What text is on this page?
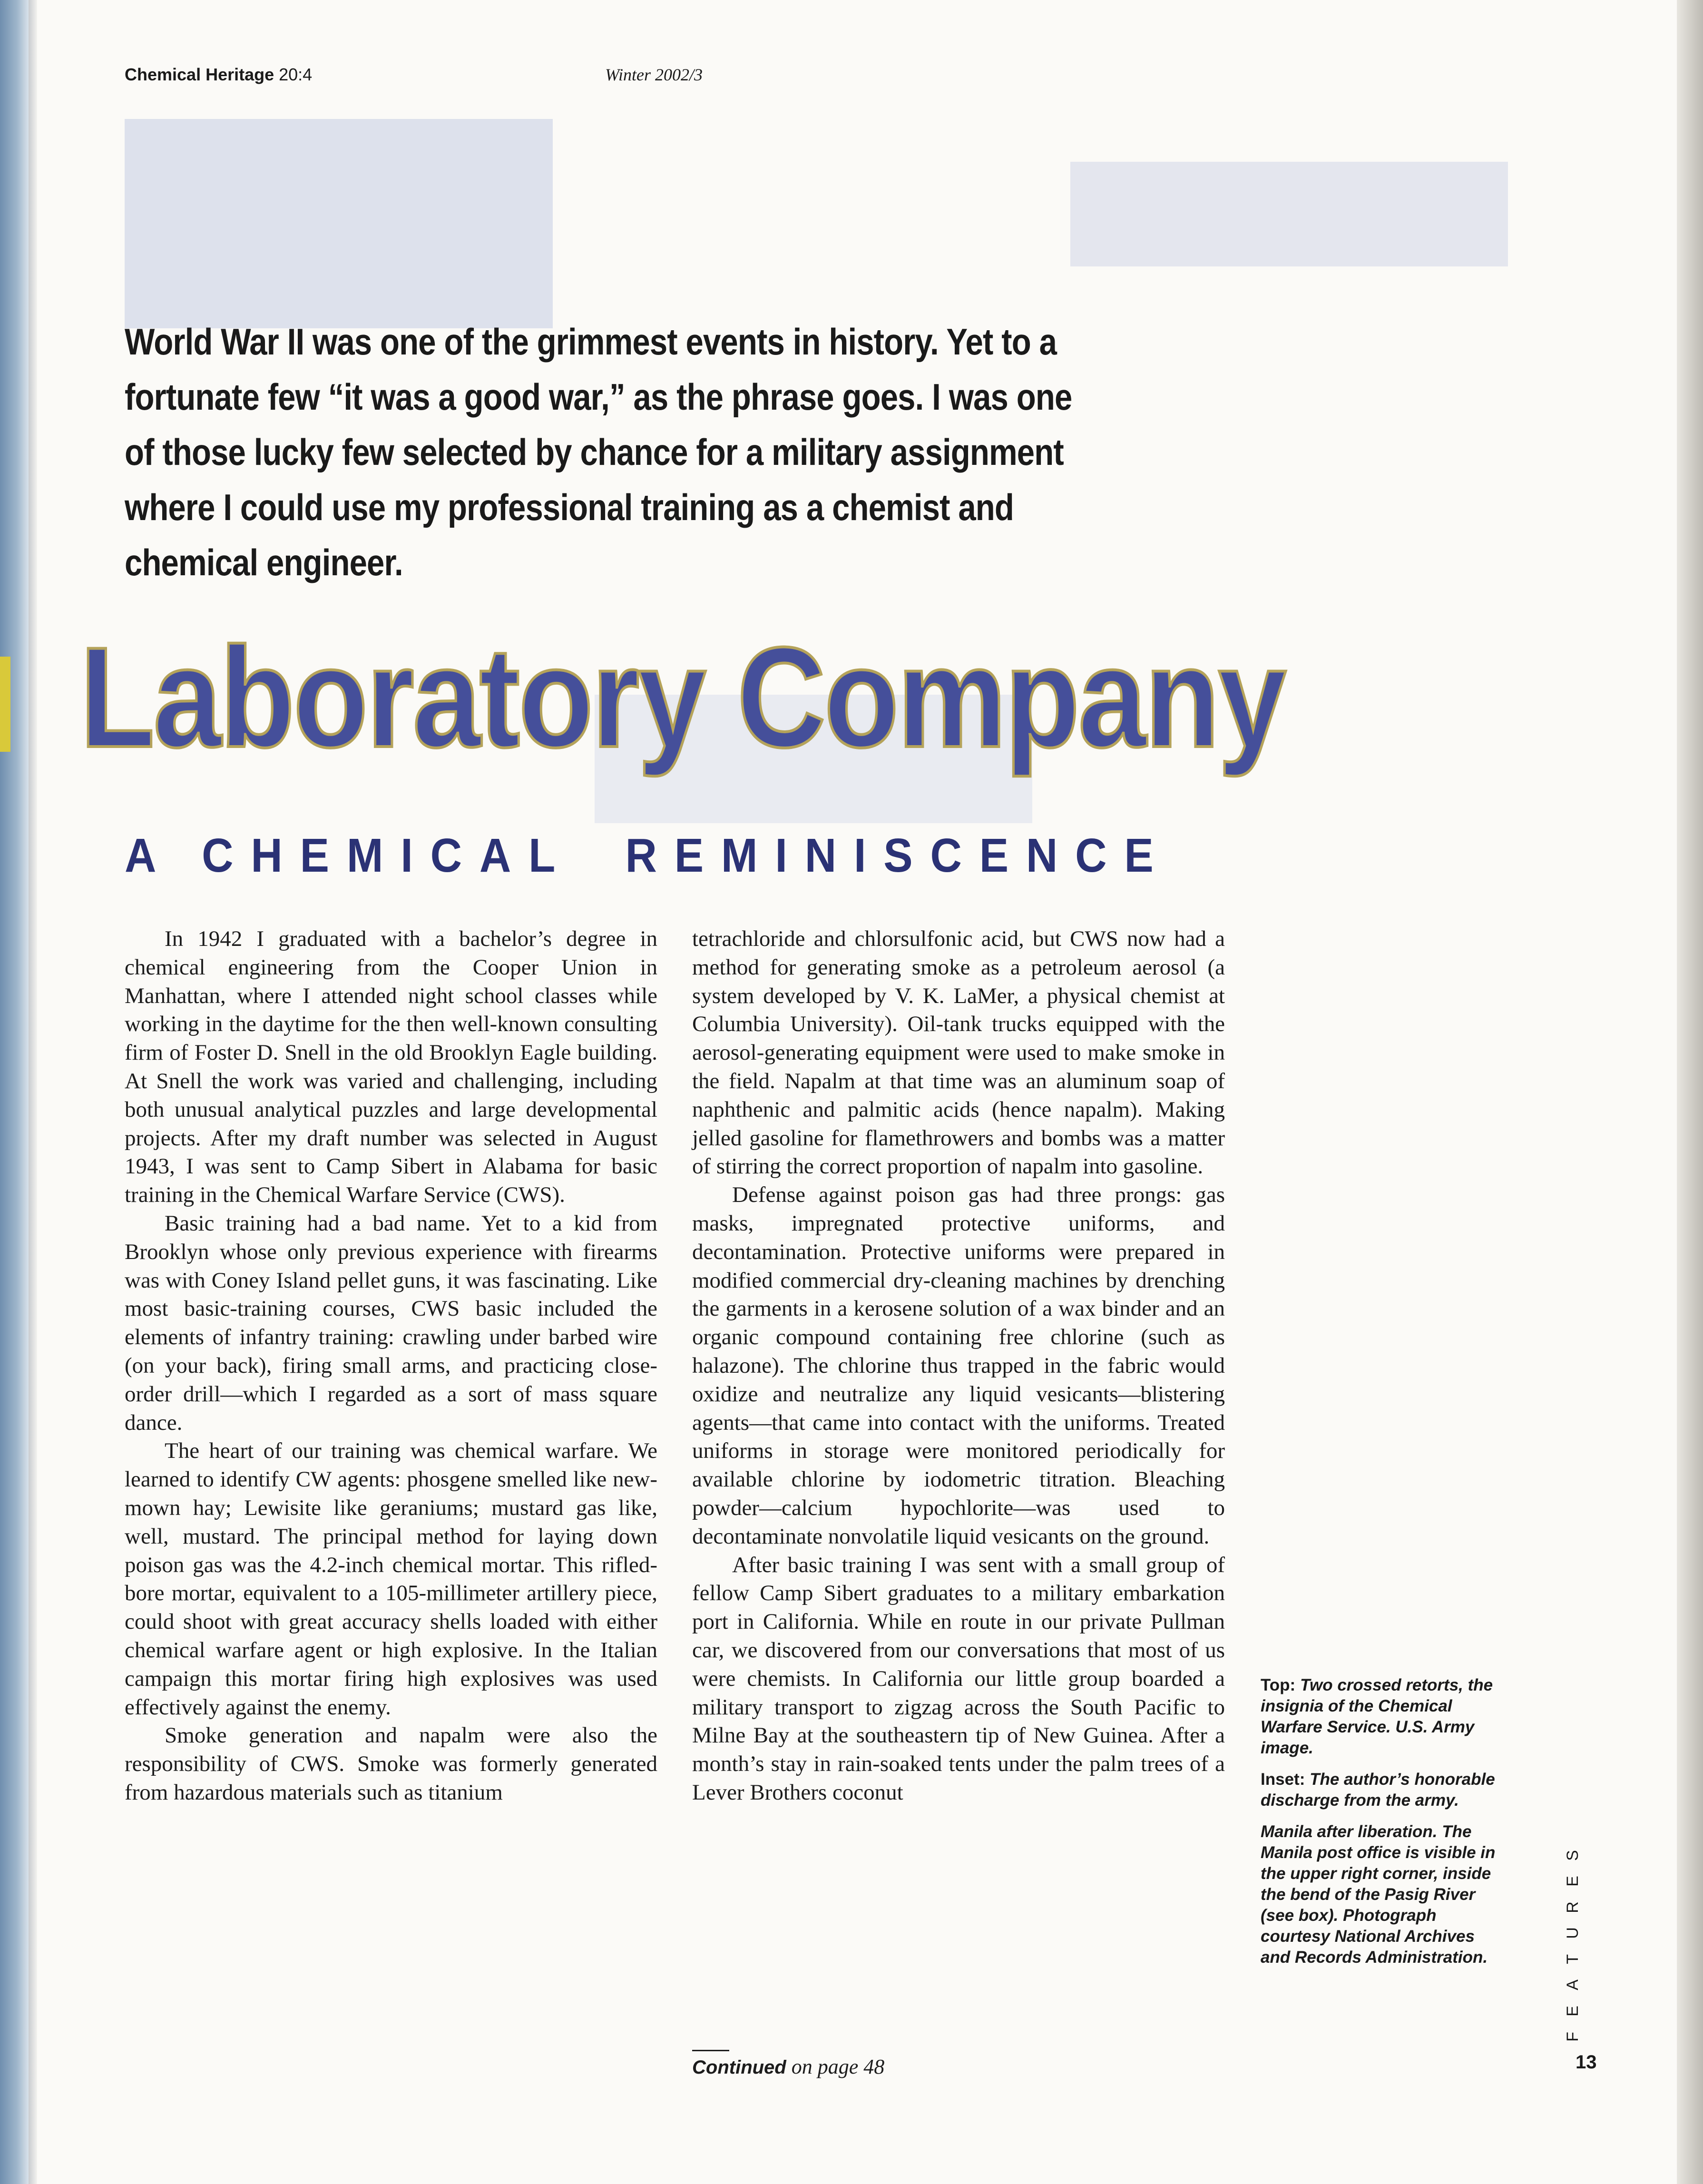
Chemical Heritage 20:4	Winter 2002/3
World War II was one of the grimmest events in history. Yet to a fortunate few “it was a good war,” as the phrase goes. I was one of those lucky few selected by chance for a military assignment where I could use my professional training as a chemist and chemical engineer.
Laboratory Company
A CHEMICAL REMINISCENCE

In 1942 I graduated with a bachelor’s degree in chemical engineering from the Cooper Union in Manhattan, where I attended night school classes while working in the daytime for the then well-known consulting firm of Foster D. Snell in the old Brooklyn Eagle building. At Snell the work was varied and challenging, including both unusual analytical puzzles and large developmental projects. After my draft number was selected in August 1943, I was sent to Camp Sibert in Alabama for basic training in the Chemical Warfare Service (CWS).

Basic training had a bad name. Yet to a kid from Brooklyn whose only previous experience with firearms was with Coney Island pellet guns, it was fascinating. Like most basic-training courses, CWS basic included the elements of infantry training: crawling under barbed wire (on your back), firing small arms, and practicing close-order drill—which I regarded as a sort of mass square dance.

The heart of our training was chemical warfare. We learned to identify CW agents: phosgene smelled like new-mown hay; Lewisite like geraniums; mustard gas like, well, mustard. The principal method for laying down poison gas was the 4.2-inch chemical mortar. This rifled-bore mortar, equivalent to a 105-millimeter artillery piece, could shoot with great accuracy shells loaded with either chemical warfare agent or high explosive. In the Italian campaign this mortar firing high explosives was used effectively against the enemy.

Smoke generation and napalm were also the responsibility of CWS. Smoke was formerly generated from hazardous materials such as titanium

tetrachloride and chlorsulfonic acid, but CWS now had a method for generating smoke as a petroleum aerosol (a system developed by V. K. LaMer, a physical chemist at Columbia University). Oil-tank trucks equipped with the aerosol-generating equipment were used to make smoke in the field. Napalm at that time was an aluminum soap of naphthenic and palmitic acids (hence napalm). Making jelled gasoline for flamethrowers and bombs was a matter of stirring the correct proportion of napalm into gasoline.

Defense against poison gas had three prongs: gas masks, impregnated protective uniforms, and decontamination. Protective uniforms were prepared in modified commercial dry-cleaning machines by drenching the garments in a kerosene solution of a wax binder and an organic compound containing free chlorine (such as halazone). The chlorine thus trapped in the fabric would oxidize and neutralize any liquid vesicants—blistering agents—that came into contact with the uniforms. Treated uniforms in storage were monitored periodically for available chlorine by iodometric titration. Bleaching powder—calcium hypochlorite—was used to decontaminate nonvolatile liquid vesicants on the ground.

After basic training I was sent with a small group of fellow Camp Sibert graduates to a military embarkation port in California. While en route in our private Pullman car, we discovered from our conversations that most of us were chemists. In California our little group boarded a military transport to zigzag across the South Pacific to Milne Bay at the southeastern tip of New Guinea. After a month’s stay in rain-soaked tents under the palm trees of a Lever Brothers coconut

Continued on page 48

Top: Two crossed retorts, the insignia of the Chemical Warfare Service. U.S. Army image.

Inset: The author’s honorable discharge from the army.

Manila after liberation. The Manila post office is visible in the upper right corner, inside the bend of the Pasig River (see box). Photograph courtesy National Archives and Records Administration.

S
E
R
U
T
A
E
F
13
